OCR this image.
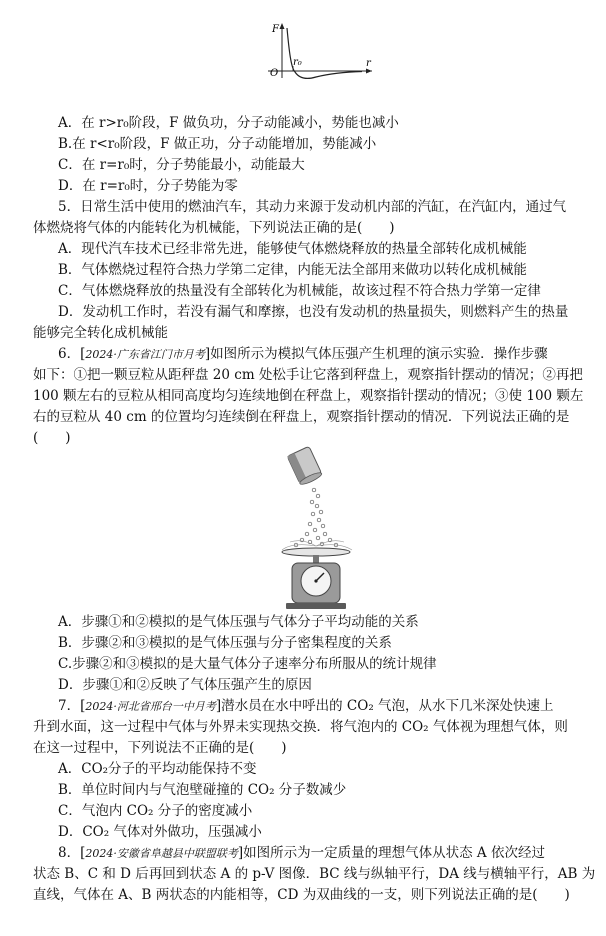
F
r
O
r₀
A．在 r>r₀阶段，F 做负功，分子动能减小，势能也减小
B.在 r<r₀阶段，F 做正功，分子动能增加，势能减小
C．在 r=r₀时，分子势能最小，动能最大
D．在 r=r₀时，分子势能为零
5．日常生活中使用的燃油汽车，其动力来源于发动机内部的汽缸，在汽缸内，通过气
体燃烧将气体的内能转化为机械能，下列说法正确的是(　　)
A．现代汽车技术已经非常先进，能够使气体燃烧释放的热量全部转化成机械能
B．气体燃烧过程符合热力学第二定律，内能无法全部用来做功以转化成机械能
C．气体燃烧释放的热量没有全部转化为机械能，故该过程不符合热力学第一定律
D．发动机工作时，若没有漏气和摩擦，也没有发动机的热量损失，则燃料产生的热量
能够完全转化成机械能
6．[2024·广东省江门市月考]如图所示为模拟气体压强产生机理的演示实验．操作步骤
如下：①把一颗豆粒从距秤盘 20 cm 处松手让它落到秤盘上，观察指针摆动的情况；②再把
100 颗左右的豆粒从相同高度均匀连续地倒在秤盘上，观察指针摆动的情况；③使 100 颗左
右的豆粒从 40 cm 的位置均匀连续倒在秤盘上，观察指针摆动的情况．下列说法正确的是
(　　)
A．步骤①和②模拟的是气体压强与气体分子平均动能的关系
B．步骤②和③模拟的是气体压强与分子密集程度的关系
C.步骤②和③模拟的是大量气体分子速率分布所服从的统计规律
D．步骤①和②反映了气体压强产生的原因
7．[2024·河北省邢台一中月考]潜水员在水中呼出的 CO₂ 气泡，从水下几米深处快速上
升到水面，这一过程中气体与外界未实现热交换．将气泡内的 CO₂ 气体视为理想气体，则
在这一过程中，下列说法不正确的是(　　)
A．CO₂分子的平均动能保持不变
B．单位时间内与气泡壁碰撞的 CO₂ 分子数减少
C．气泡内 CO₂ 分子的密度减小
D．CO₂ 气体对外做功，压强减小
8．[2024·安徽省阜越县中联盟联考]如图所示为一定质量的理想气体从状态 A 依次经过
状态 B、C 和 D 后再回到状态 A 的 p-V 图像．BC 线与纵轴平行，DA 线与横轴平行，AB 为
直线，气体在 A、B 两状态的内能相等，CD 为双曲线的一支，则下列说法正确的是(　　)
